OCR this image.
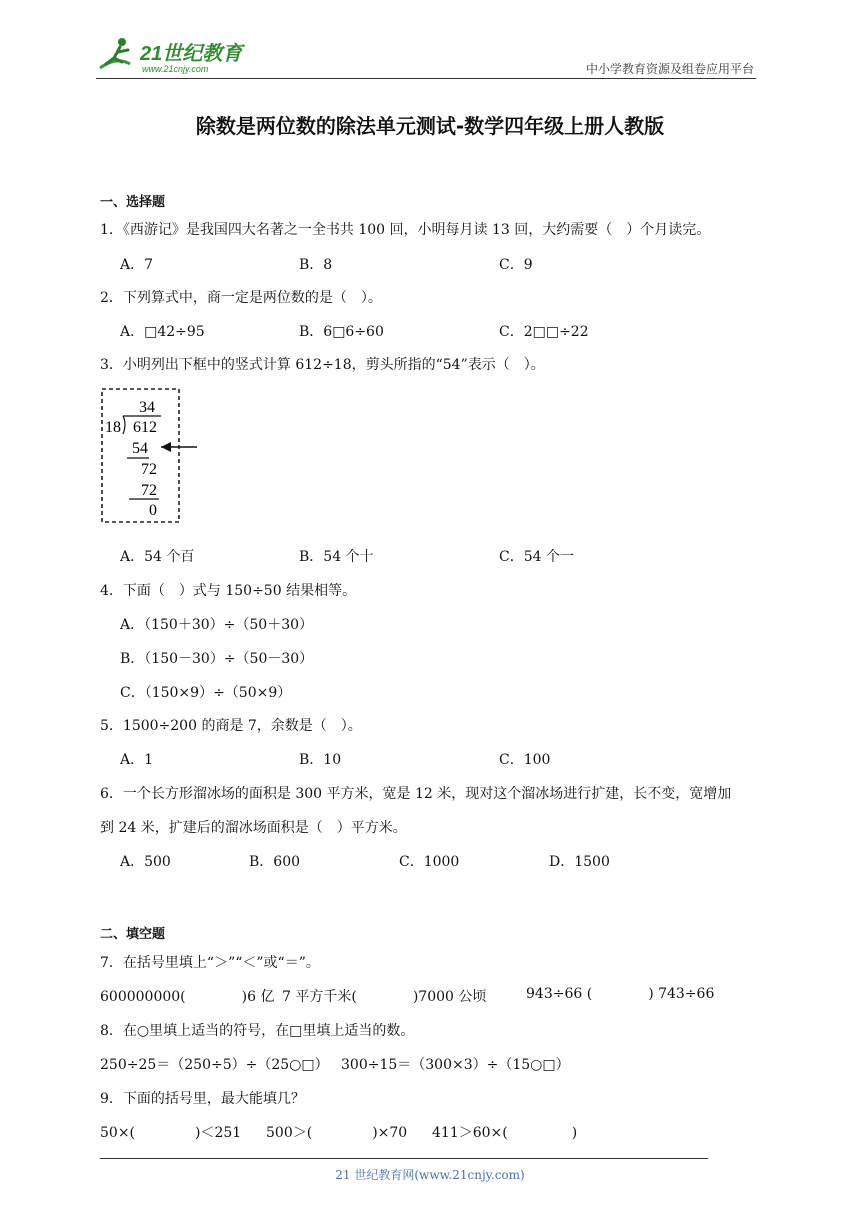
21世纪教育
www.21cnjy.com	中小学教育资源及组卷应用平台
除数是两位数的除法单元测试-数学四年级上册人教版
一、选择题
1．《西游记》是我国四大名著之一全书共 100 回，小明每月读 13 回，大约需要（　）个月读完。
A．7	B．8	C．9
2．下列算式中，商一定是两位数的是（　）。
A．□42÷95	B．6□6÷60	C．2□□÷22
3．小明列出下框中的竖式计算 612÷18，剪头所指的“54”表示（　）。
34
18 612
54
72
72
0
A．54 个百	B．54 个十	C．54 个一
4．下面（　）式与 150÷50 结果相等。
A．（150＋30）÷（50＋30）
B．（150－30）÷（50－30）
C．（150×9）÷（50×9）
5．1500÷200 的商是 7，余数是（　）。
A．1	B．10	C．100
6．一个长方形溜冰场的面积是 300 平方米，宽是 12 米，现对这个溜冰场进行扩建，长不变，宽增加
到 24 米，扩建后的溜冰场面积是（　）平方米。
A．500	B．600	C．1000	D．1500
二、填空题
7．在括号里填上“＞”“＜”或“＝”。
600000000(	)6 亿 7 平方千米(	)7000 公顷	943÷66 (	) 743÷66
8．在○里填上适当的符号，在□里填上适当的数。
250÷25＝（250÷5）÷（25○□） 300÷15＝（300×3）÷（15○□）
9．下面的括号里，最大能填几？
50×(	)＜251 500＞(	)×70 411＞60×(	)
21 世纪教育网(www.21cnjy.com)
